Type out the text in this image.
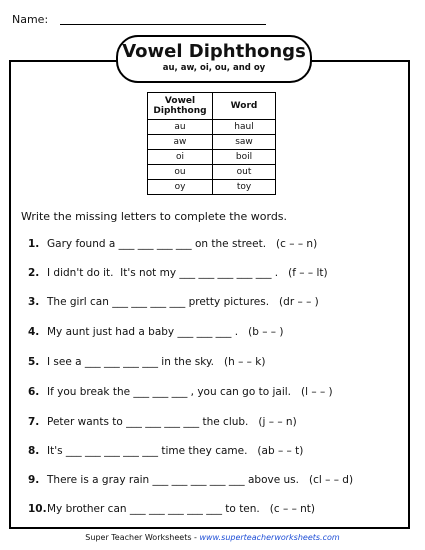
Name:
Vowel Diphthongs
au, aw, oi, ou, and oy
Vowel
Diphthong	Word
au	haul
aw	saw
oi	boil
ou	out
oy	toy
Write the missing letters to complete the words.
1. Gary found a ___ ___ ___ ___ on the street.   (c – – n)
2. I didn't do it.  It's not my ___ ___ ___ ___ ___ .   (f – – lt)
3. The girl can ___ ___ ___ ___ pretty pictures.   (dr – – )
4. My aunt just had a baby ___ ___ ___ .   (b – – )
5. I see a ___ ___ ___ ___ in the sky.   (h – – k)
6. If you break the ___ ___ ___ , you can go to jail.   (l – – )
7. Peter wants to ___ ___ ___ ___ the club.   (j – – n)
8. It's ___ ___ ___ ___ ___ time they came.   (ab – – t)
9. There is a gray rain ___ ___ ___ ___ ___ above us.   (cl – – d)
10.My brother can ___ ___ ___ ___ ___ to ten.   (c – – nt)
Super Teacher Worksheets - www.superteacherworksheets.com
